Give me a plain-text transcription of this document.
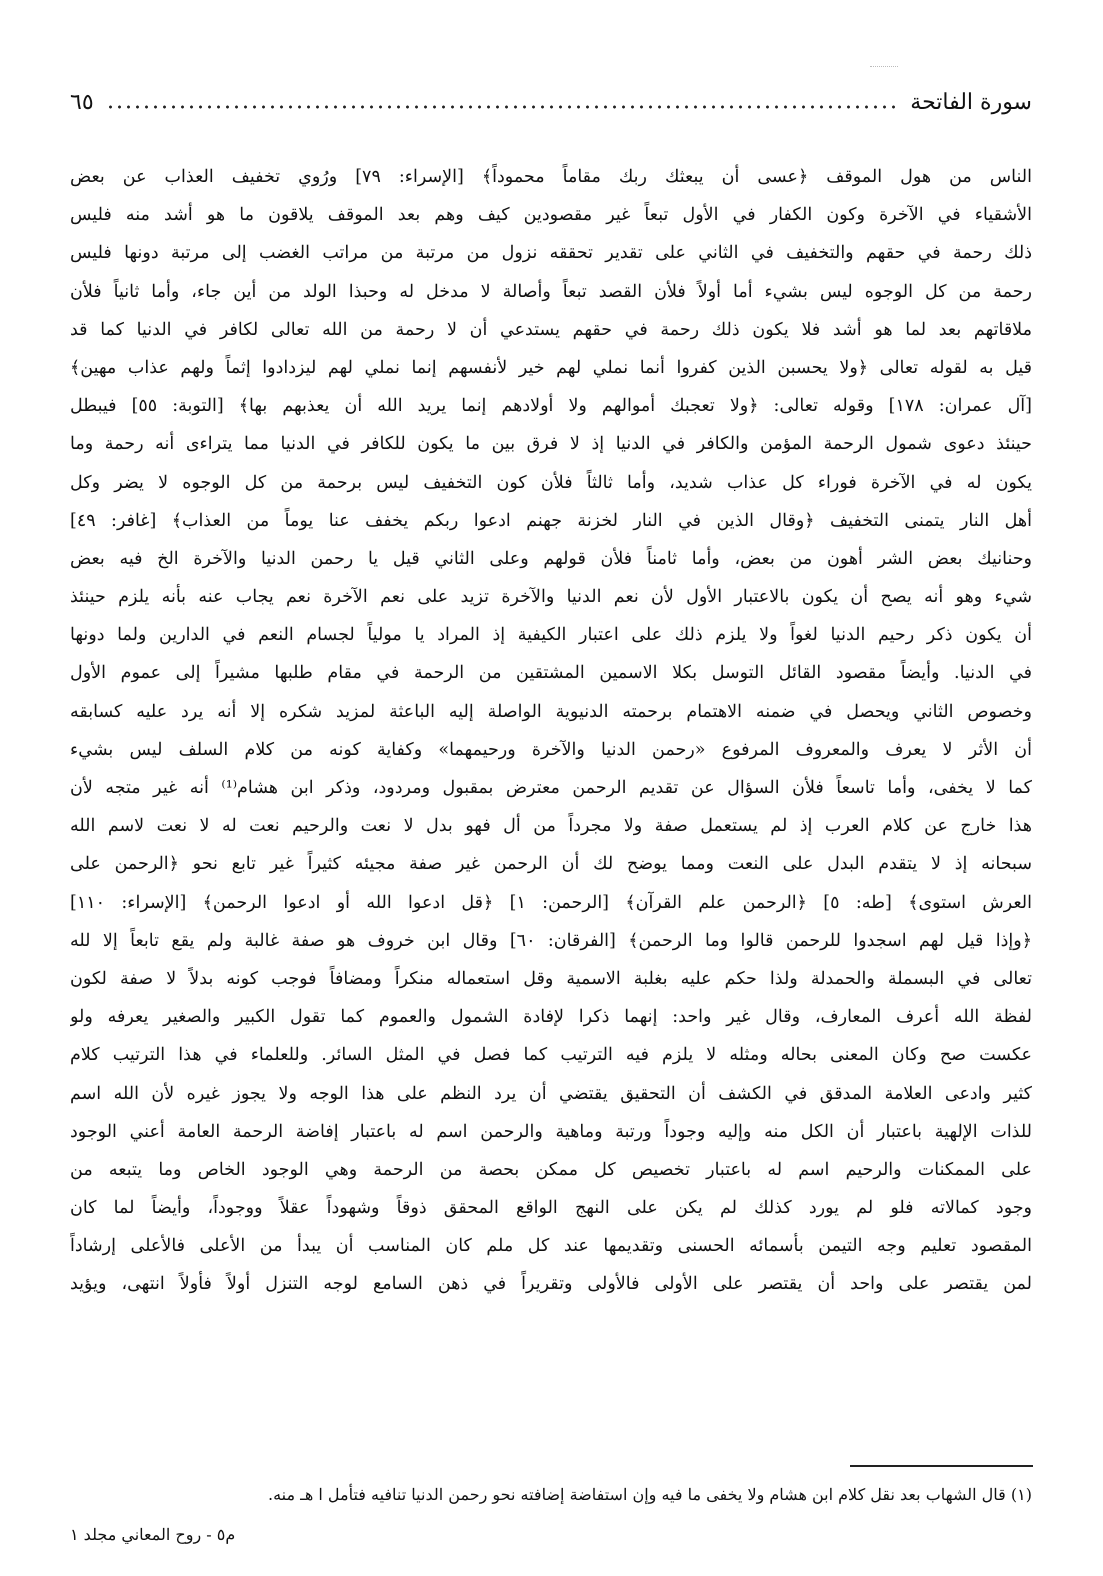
سورة الفاتحة
٦٥
الناس من هول الموقف ﴿عسى أن يبعثك ربك مقاماً محموداً﴾ [الإسراء: ٧٩] ورُوي تخفيف العذاب عن بعض
الأشقياء في الآخرة وكون الكفار في الأول تبعاً غير مقصودين كيف وهم بعد الموقف يلاقون ما هو أشد منه فليس
ذلك رحمة في حقهم والتخفيف في الثاني على تقدير تحققه نزول من مرتبة من مراتب الغضب إلى مرتبة دونها فليس
رحمة من كل الوجوه ليس بشيء أما أولاً فلأن القصد تبعاً وأصالة لا مدخل له وحبذا الولد من أين جاء، وأما ثانياً فلأن
ملاقاتهم بعد لما هو أشد فلا يكون ذلك رحمة في حقهم يستدعي أن لا رحمة من الله تعالى لكافر في الدنيا كما قد
قيل به لقوله تعالى ﴿ولا يحسبن الذين كفروا أنما نملي لهم خير لأنفسهم إنما نملي لهم ليزدادوا إثماً ولهم عذاب مهين﴾
[آل عمران: ١٧٨] وقوله تعالى: ﴿ولا تعجبك أموالهم ولا أولادهم إنما يريد الله أن يعذبهم بها﴾ [التوبة: ٥٥] فيبطل
حينئذ دعوى شمول الرحمة المؤمن والكافر في الدنيا إذ لا فرق بين ما يكون للكافر في الدنيا مما يتراءى أنه رحمة وما
يكون له في الآخرة فوراء كل عذاب شديد، وأما ثالثاً فلأن كون التخفيف ليس برحمة من كل الوجوه لا يضر وكل
أهل النار يتمنى التخفيف ﴿وقال الذين في النار لخزنة جهنم ادعوا ربكم يخفف عنا يوماً من العذاب﴾ [غافر: ٤٩]
وحنانيك بعض الشر أهون من بعض، وأما ثامناً فلأن قولهم وعلى الثاني قيل يا رحمن الدنيا والآخرة الخ فيه بعض
شيء وهو أنه يصح أن يكون بالاعتبار الأول لأن نعم الدنيا والآخرة تزيد على نعم الآخرة نعم يجاب عنه بأنه يلزم حينئذ
أن يكون ذكر رحيم الدنيا لغواً ولا يلزم ذلك على اعتبار الكيفية إذ المراد يا مولياً لجسام النعم في الدارين ولما دونها
في الدنيا. وأيضاً مقصود القائل التوسل بكلا الاسمين المشتقين من الرحمة في مقام طلبها مشيراً إلى عموم الأول
وخصوص الثاني ويحصل في ضمنه الاهتمام برحمته الدنيوية الواصلة إليه الباعثة لمزيد شكره إلا أنه يرد عليه كسابقه
أن الأثر لا يعرف والمعروف المرفوع «رحمن الدنيا والآخرة ورحيمهما» وكفاية كونه من كلام السلف ليس بشيء
كما لا يخفى، وأما تاسعاً فلأن السؤال عن تقديم الرحمن معترض بمقبول ومردود، وذكر ابن هشام⁽¹⁾ أنه غير متجه لأن
هذا خارج عن كلام العرب إذ لم يستعمل صفة ولا مجرداً من أل فهو بدل لا نعت والرحيم نعت له لا نعت لاسم الله
سبحانه إذ لا يتقدم البدل على النعت ومما يوضح لك أن الرحمن غير صفة مجيئه كثيراً غير تابع نحو ﴿الرحمن على
العرش استوى﴾ [طه: ٥] ﴿الرحمن علم القرآن﴾ [الرحمن: ١] ﴿قل ادعوا الله أو ادعوا الرحمن﴾ [الإسراء: ١١٠]
﴿وإذا قيل لهم اسجدوا للرحمن قالوا وما الرحمن﴾ [الفرقان: ٦٠] وقال ابن خروف هو صفة غالبة ولم يقع تابعاً إلا لله
تعالى في البسملة والحمدلة ولذا حكم عليه بغلبة الاسمية وقل استعماله منكراً ومضافاً فوجب كونه بدلاً لا صفة لكون
لفظة الله أعرف المعارف، وقال غير واحد: إنهما ذكرا لإفادة الشمول والعموم كما تقول الكبير والصغير يعرفه ولو
عكست صح وكان المعنى بحاله ومثله لا يلزم فيه الترتيب كما فصل في المثل السائر. وللعلماء في هذا الترتيب كلام
كثير وادعى العلامة المدقق في الكشف أن التحقيق يقتضي أن يرد النظم على هذا الوجه ولا يجوز غيره لأن الله اسم
للذات الإلهية باعتبار أن الكل منه وإليه وجوداً ورتبة وماهية والرحمن اسم له باعتبار إفاضة الرحمة العامة أعني الوجود
على الممكنات والرحيم اسم له باعتبار تخصيص كل ممكن بحصة من الرحمة وهي الوجود الخاص وما يتبعه من
وجود كمالاته فلو لم يورد كذلك لم يكن على النهج الواقع المحقق ذوقاً وشهوداً عقلاً ووجوداً، وأيضاً لما كان
المقصود تعليم وجه التيمن بأسمائه الحسنى وتقديمها عند كل ملم كان المناسب أن يبدأ من الأعلى فالأعلى إرشاداً
لمن يقتصر على واحد أن يقتصر على الأولى فالأولى وتقريراً في ذهن السامع لوجه التنزل أولاً فأولاً انتهى، ويؤيد
(١) قال الشهاب بعد نقل كلام ابن هشام ولا يخفى ما فيه وإن استفاضة إضافته نحو رحمن الدنيا تنافيه فتأمل ا هـ منه.
م٥ - روح المعاني مجلد ١
